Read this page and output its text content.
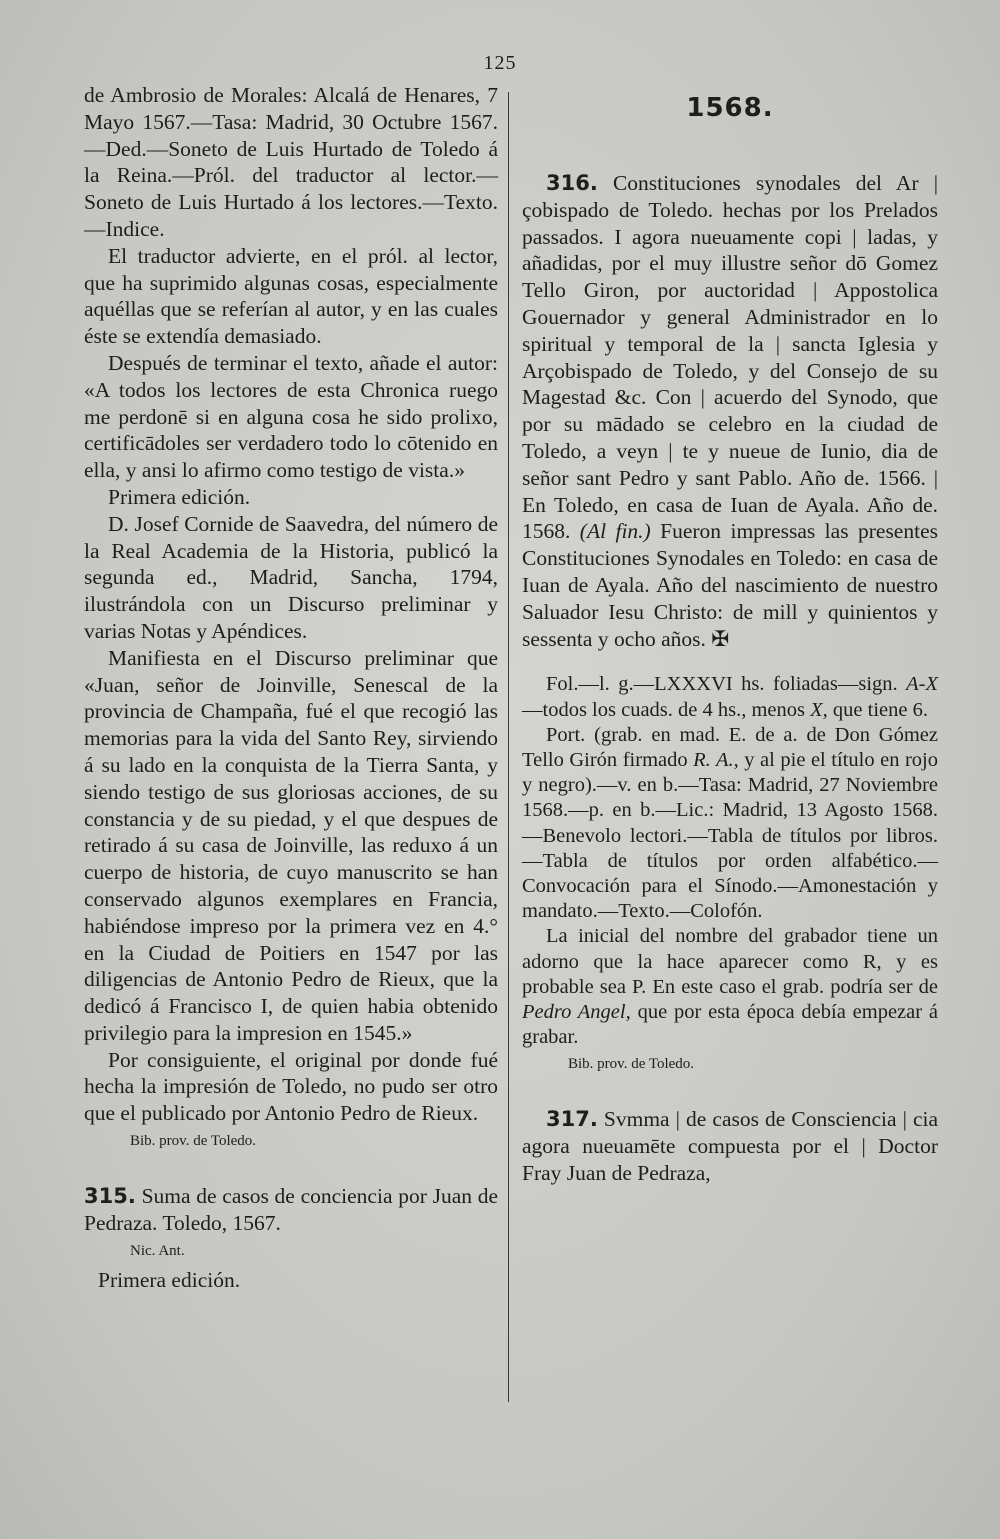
125

de Ambrosio de Morales: Alcalá de Henares, 7 Mayo 1567.—Tasa: Madrid, 30 Octubre 1567.—Ded.—Soneto de Luis Hurtado de Toledo á la Reina.—Pról. del traductor al lector.—Soneto de Luis Hurtado á los lectores.—Texto.—Indice.

El traductor advierte, en el pról. al lector, que ha suprimido algunas cosas, especialmente aquéllas que se referían al autor, y en las cuales éste se extendía demasiado.

Después de terminar el texto, añade el autor: «A todos los lectores de esta Chronica ruego me perdonē si en alguna cosa he sido prolixo, certificādoles ser verdadero todo lo cōtenido en ella, y ansi lo afirmo como testigo de vista.»

Primera edición.

D. Josef Cornide de Saavedra, del número de la Real Academia de la Historia, publicó la segunda ed., Madrid, Sancha, 1794, ilustrándola con un Discurso preliminar y varias Notas y Apéndices.

Manifiesta en el Discurso preliminar que «Juan, señor de Joinville, Senescal de la provincia de Champaña, fué el que recogió las memorias para la vida del Santo Rey, sirviendo á su lado en la conquista de la Tierra Santa, y siendo testigo de sus gloriosas acciones, de su constancia y de su piedad, y el que despues de retirado á su casa de Joinville, las reduxo á un cuerpo de historia, de cuyo manuscrito se han conservado algunos exemplares en Francia, habiéndose impreso por la primera vez en 4.° en la Ciudad de Poitiers en 1547 por las diligencias de Antonio Pedro de Rieux, que la dedicó á Francisco I, de quien habia obtenido privilegio para la impresion en 1545.»

Por consiguiente, el original por donde fué hecha la impresión de Toledo, no pudo ser otro que el publicado por Antonio Pedro de Rieux.

Bib. prov. de Toledo.

315. Suma de casos de conciencia por Juan de Pedraza. Toledo, 1567.

Nic. Ant.

Primera edición.

1568.

316. Constituciones synodales del Ar | çobispado de Toledo. hechas por los Prelados passados. I agora nueuamente copi | ladas, y añadidas, por el muy illustre señor dō Gomez Tello Giron, por auctoridad | Appostolica Gouernador y general Administrador en lo spiritual y temporal de la | sancta Iglesia y Arçobispado de Toledo, y del Consejo de su Magestad &c. Con | acuerdo del Synodo, que por su mādado se celebro en la ciudad de Toledo, a veyn | te y nueue de Iunio, dia de señor sant Pedro y sant Pablo. Año de. 1566. | En Toledo, en casa de Iuan de Ayala. Año de. 1568. (Al fin.) Fueron impressas las presentes Constituciones Synodales en Toledo: en casa de Iuan de Ayala. Año del nascimiento de nuestro Saluador Iesu Christo: de mill y quinientos y sessenta y ocho años. ✠

Fol.—l. g.—LXXXVI hs. foliadas—sign. A-X—todos los cuads. de 4 hs., menos X, que tiene 6.

Port. (grab. en mad. E. de a. de Don Gómez Tello Girón firmado R. A., y al pie el título en rojo y negro).—v. en b.—Tasa: Madrid, 27 Noviembre 1568.—p. en b.—Lic.: Madrid, 13 Agosto 1568.—Benevolo lectori.—Tabla de títulos por libros.—Tabla de títulos por orden alfabético.—Convocación para el Sínodo.—Amonestación y mandato.—Texto.—Colofón.

La inicial del nombre del grabador tiene un adorno que la hace aparecer como R, y es probable sea P. En este caso el grab. podría ser de Pedro Angel, que por esta época debía empezar á grabar.

Bib. prov. de Toledo.

317. Svmma | de casos de Consciencia | cia agora nueuamēte compuesta por el | Doctor Fray Juan de Pedraza,
